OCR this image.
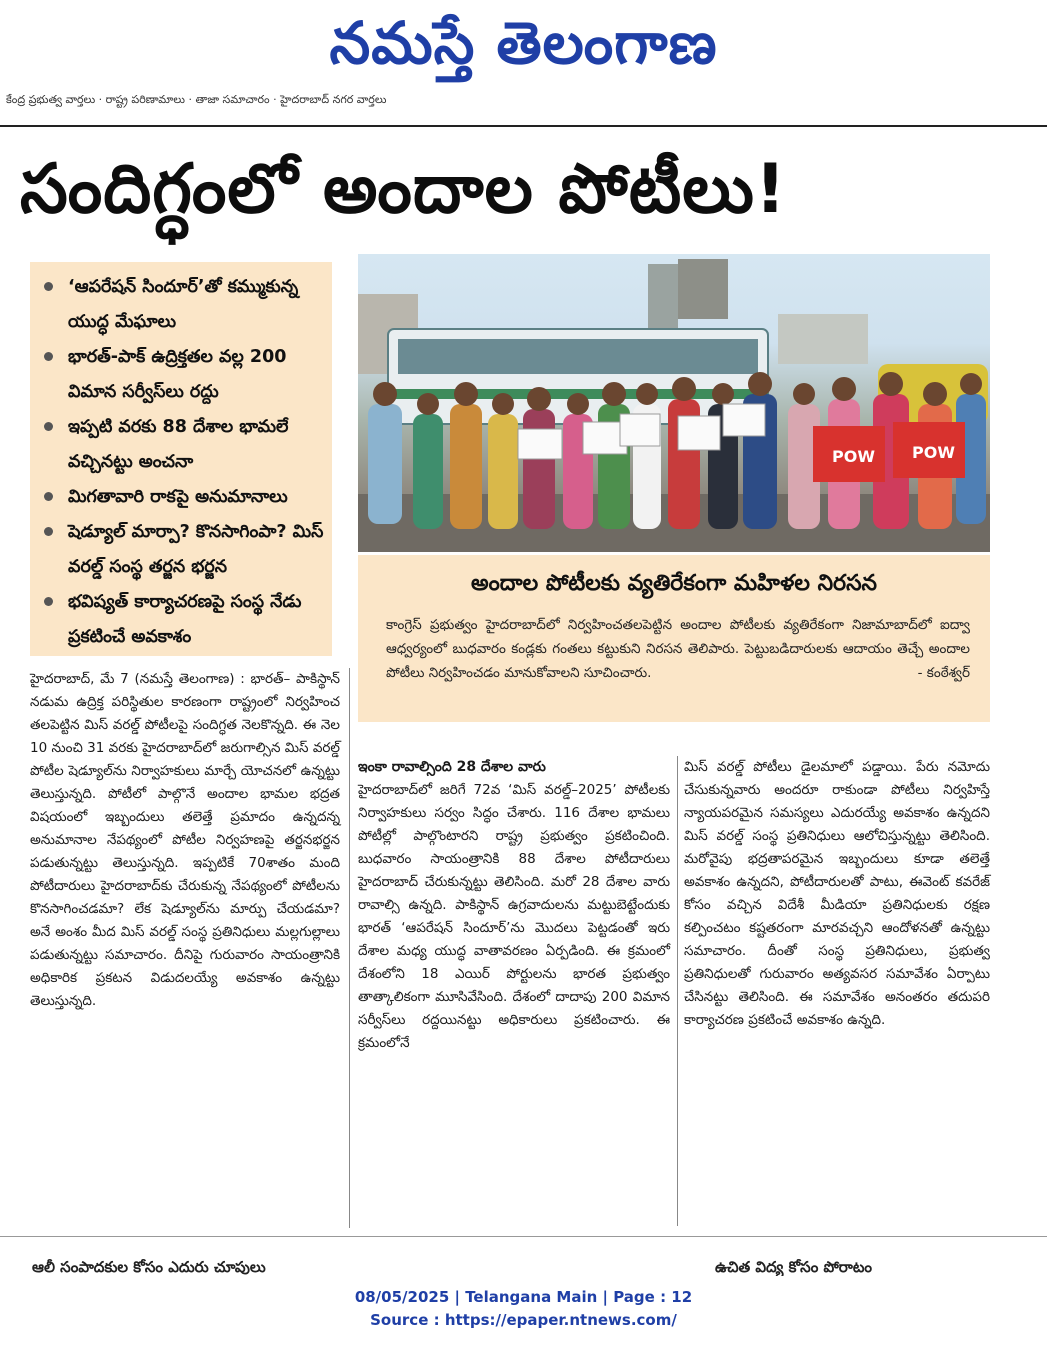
నమస్తే తెలంగాణ
కేంద్ర ప్రభుత్వ వార్తలు · రాష్ట్ర పరిణామాలు · తాజా సమాచారం · హైదరాబాద్ నగర వార్తలు
సందిగ్ధంలో అందాల పోటీలు!
‘ఆపరేషన్ సిందూర్’తో కమ్ముకున్న యుద్ధ మేఘాలు
భారత్-పాక్ ఉద్రిక్తతల వల్ల 200 విమాన సర్వీస్‌లు రద్దు
ఇప్పటి వరకు 88 దేశాల భామలే వచ్చినట్టు అంచనా
మిగతావారి రాకపై అనుమానాలు
షెడ్యూల్ మార్పా? కొనసాగింపా? మిస్ వరల్డ్ సంస్థ తర్జన భర్జన
భవిష్యత్ కార్యాచరణపై సంస్థ నేడు ప్రకటించే అవకాశం
POW POW
అందాల పోటీలకు వ్యతిరేకంగా మహిళల నిరసన
కాంగ్రెస్ ప్రభుత్వం హైదరాబాద్‌లో నిర్వహించతలపెట్టిన అందాల పోటీలకు వ్యతిరేకంగా నిజామాబాద్‌లో ఐద్వా ఆధ్వర్యంలో బుధవారం కండ్లకు గంతలు కట్టుకుని నిరసన తెలిపారు. పెట్టుబడిదారులకు ఆదాయం తెచ్చే అందాల పోటీలు నిర్వహించడం మానుకోవాలని సూచించారు.	- కంఠేశ్వర్

హైదరాబాద్, మే 7 (నమస్తే తెలంగాణ) : భారత్– పాకిస్థాన్ నడుమ ఉద్రిక్త పరిస్థితుల కారణంగా రాష్ట్రంలో నిర్వహించ తలపెట్టిన మిస్ వరల్డ్ పోటీలపై సందిగ్ధత నెలకొన్నది. ఈ నెల 10 నుంచి 31 వరకు హైదరాబాద్‌లో జరుగాల్సిన మిస్ వరల్డ్ పోటీల షెడ్యూల్‌ను నిర్వాహకులు మార్చే యోచనలో ఉన్నట్టు తెలుస్తున్నది. పోటీలో పాల్గొనే అందాల భామల భద్రత విషయంలో ఇబ్బందులు తలెత్తే ప్రమాదం ఉన్నదన్న అనుమానాల నేపథ్యంలో పోటీల నిర్వహణపై తర్జనభర్జన పడుతున్నట్టు తెలుస్తున్నది. ఇప్పటికే 70శాతం మంది పోటీదారులు హైదరాబాద్‌కు చేరుకున్న నేపథ్యంలో పోటీలను కొనసాగించడమా? లేక షెడ్యూల్‌ను మార్పు చేయడమా? అనే అంశం మీద మిస్ వరల్డ్ సంస్థ ప్రతినిధులు మల్లగుల్లాలు పడుతున్నట్టు సమాచారం. దీనిపై గురువారం సాయంత్రానికి అధికారిక ప్రకటన విడుదలయ్యే అవకాశం ఉన్నట్టు తెలుస్తున్నది.

ఇంకా రావాల్సింది 28 దేశాల వారు

హైదరాబాద్‌లో జరిగే 72వ ‘మిస్ వరల్డ్–2025’ పోటీలకు నిర్వాహకులు సర్వం సిద్ధం చేశారు. 116 దేశాల భామలు పోటీల్లో పాల్గొంటారని రాష్ట్ర ప్రభుత్వం ప్రకటించింది. బుధవారం సాయంత్రానికి 88 దేశాల పోటీదారులు హైదరాబాద్ చేరుకున్నట్టు తెలిసింది. మరో 28 దేశాల వారు రావాల్సి ఉన్నది. పాకిస్థాన్ ఉగ్రవాదులను మట్టుబెట్టేందుకు భారత్ ‘ఆపరేషన్ సిందూర్’ను మొదలు పెట్టడంతో ఇరు దేశాల మధ్య యుద్ధ వాతావరణం ఏర్పడింది. ఈ క్రమంలో దేశంలోని 18 ఎయిర్ పోర్టులను భారత ప్రభుత్వం తాత్కాలికంగా మూసివేసింది. దేశంలో దాదాపు 200 విమాన సర్వీస్‌లు రద్దయినట్టు అధికారులు ప్రకటించారు. ఈ క్రమంలోనే

మిస్ వరల్డ్ పోటీలు డైలమాలో పడ్డాయి. పేరు నమోదు చేసుకున్నవారు అందరూ రాకుండా పోటీలు నిర్వహిస్తే న్యాయపరమైన సమస్యలు ఎదురయ్యే అవకాశం ఉన్నదని మిస్ వరల్డ్ సంస్థ ప్రతినిధులు ఆలోచిస్తున్నట్టు తెలిసింది. మరోవైపు భద్రతాపరమైన ఇబ్బందులు కూడా తలెత్తే అవకాశం ఉన్నదని, పోటీదారులతో పాటు, ఈవెంట్ కవరేజ్ కోసం వచ్చిన విదేశీ మీడియా ప్రతినిధులకు రక్షణ కల్పించటం కష్టతరంగా మారవచ్చని ఆందోళనతో ఉన్నట్టు సమాచారం. దీంతో సంస్థ ప్రతినిధులు, ప్రభుత్వ ప్రతినిధులతో గురువారం అత్యవసర సమావేశం ఏర్పాటు చేసినట్టు తెలిసింది. ఈ సమావేశం అనంతరం తదుపరి కార్యాచరణ ప్రకటించే అవకాశం ఉన్నది.

ఆలీ సంపాదకుల కోసం ఎదురు చూపులు	ఉచిత విద్య కోసం పోరాటం
08/05/2025 | Telangana Main | Page : 12
Source : https://epaper.ntnews.com/
